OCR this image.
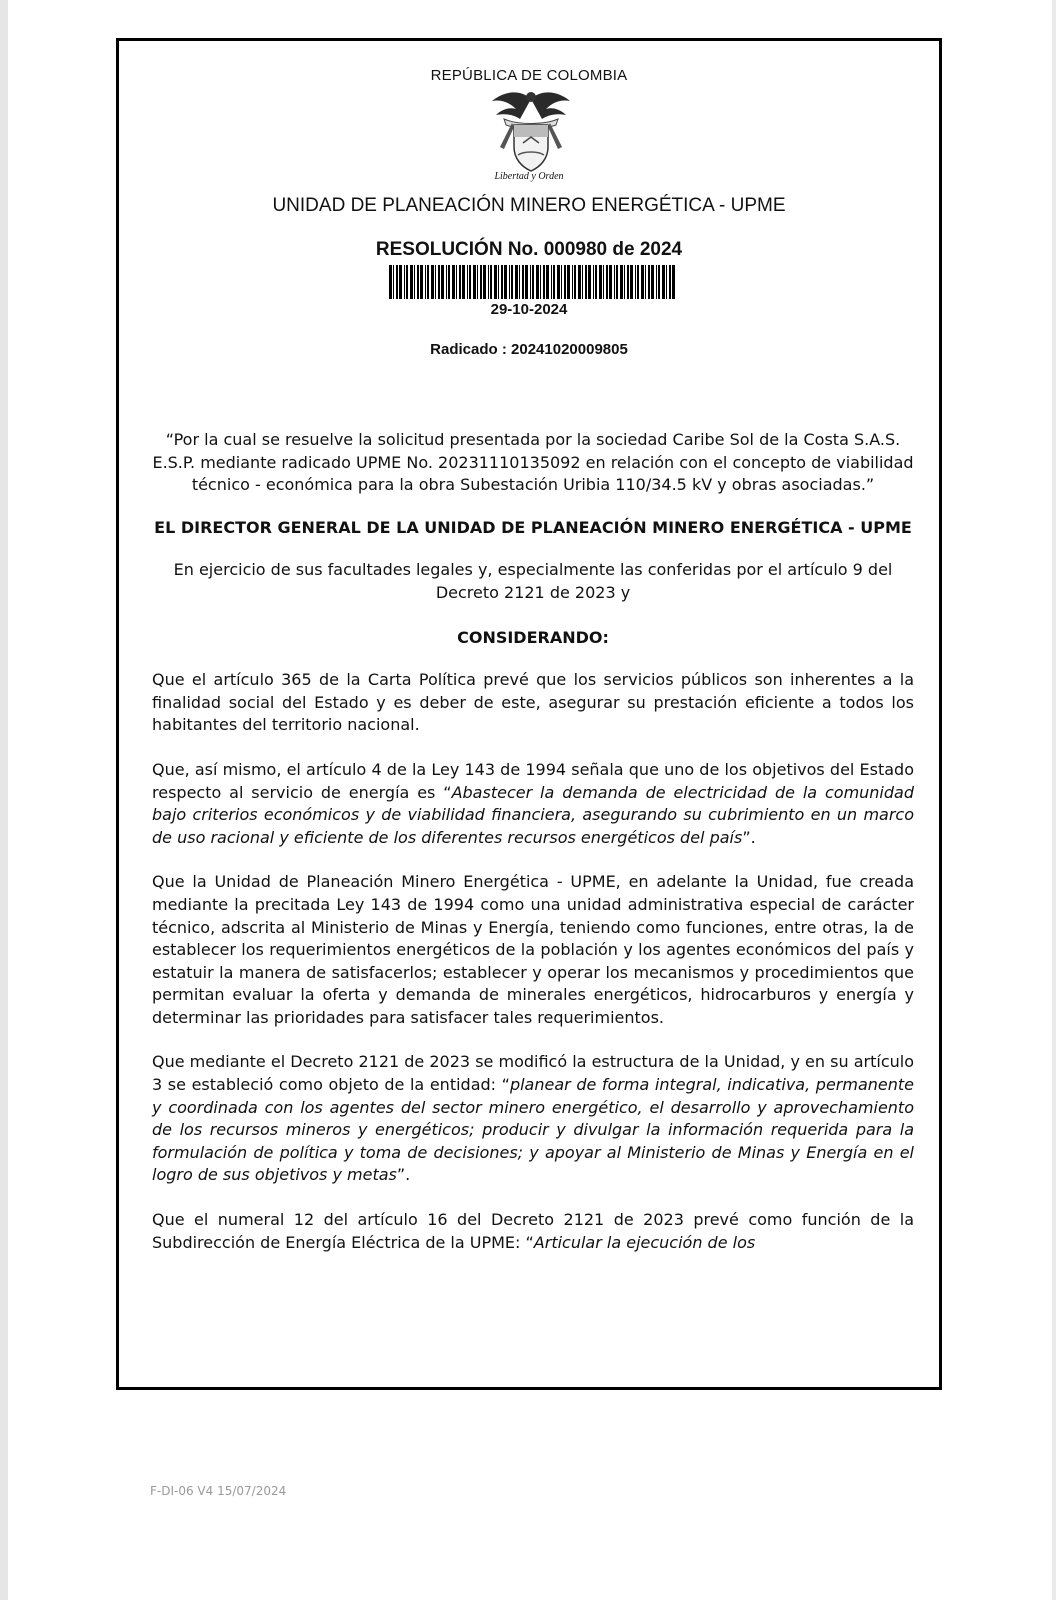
REPÚBLICA DE COLOMBIA
Libertad y Orden
UNIDAD DE PLANEACIÓN MINERO ENERGÉTICA - UPME
RESOLUCIÓN No. 000980 de 2024
29-10-2024
Radicado : 20241020009805

“Por la cual se resuelve la solicitud presentada por la sociedad Caribe Sol de la Costa S.A.S. E.S.P. mediante radicado UPME No. 20231110135092 en relación con el concepto de viabilidad técnico - económica para la obra Subestación Uribia 110/34.5 kV y obras asociadas.”

EL DIRECTOR GENERAL DE LA UNIDAD DE PLANEACIÓN MINERO ENERGÉTICA - UPME

En ejercicio de sus facultades legales y, especialmente las conferidas por el artículo 9 del Decreto 2121 de 2023 y

CONSIDERANDO:

Que el artículo 365 de la Carta Política prevé que los servicios públicos son inherentes a la finalidad social del Estado y es deber de este, asegurar su prestación eficiente a todos los habitantes del territorio nacional.

Que, así mismo, el artículo 4 de la Ley 143 de 1994 señala que uno de los objetivos del Estado respecto al servicio de energía es “Abastecer la demanda de electricidad de la comunidad bajo criterios económicos y de viabilidad financiera, asegurando su cubrimiento en un marco de uso racional y eficiente de los diferentes recursos energéticos del país”.

Que la Unidad de Planeación Minero Energética - UPME, en adelante la Unidad, fue creada mediante la precitada Ley 143 de 1994 como una unidad administrativa especial de carácter técnico, adscrita al Ministerio de Minas y Energía, teniendo como funciones, entre otras, la de establecer los requerimientos energéticos de la población y los agentes económicos del país y estatuir la manera de satisfacerlos; establecer y operar los mecanismos y procedimientos que permitan evaluar la oferta y demanda de minerales energéticos, hidrocarburos y energía y determinar las prioridades para satisfacer tales requerimientos.

Que mediante el Decreto 2121 de 2023 se modificó la estructura de la Unidad, y en su artículo 3 se estableció como objeto de la entidad: “planear de forma integral, indicativa, permanente y coordinada con los agentes del sector minero energético, el desarrollo y aprovechamiento de los recursos mineros y energéticos; producir y divulgar la información requerida para la formulación de política y toma de decisiones; y apoyar al Ministerio de Minas y Energía en el logro de sus objetivos y metas”.

Que el numeral 12 del artículo 16 del Decreto 2121 de 2023 prevé como función de la Subdirección de Energía Eléctrica de la UPME: “Articular la ejecución de los

F-DI-06 V4 15/07/2024
